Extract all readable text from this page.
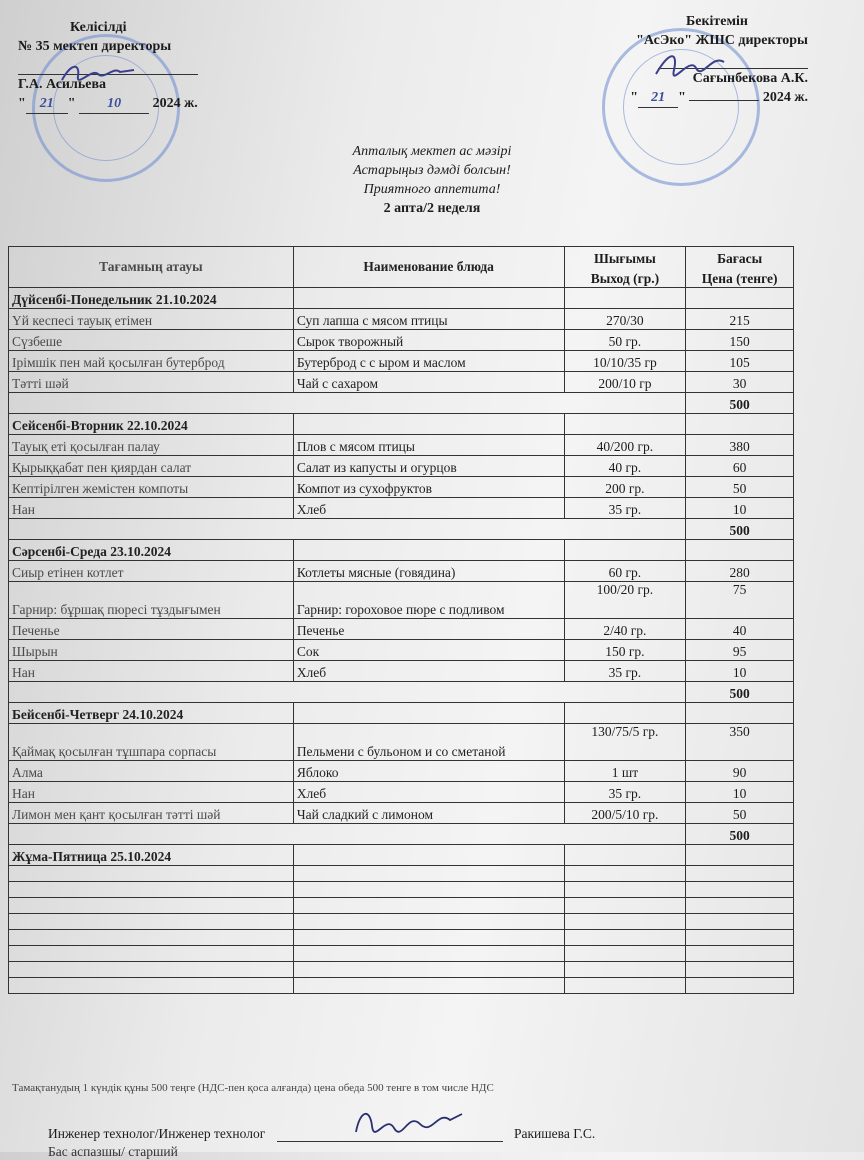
Келісілді
№ 35 мектеп директоры
Г.А. Асильева
" 21 " 10 2024 ж.
Бекітемін
"АсЭко" ЖШС директоры
Сағынбекова А.К.
" 21 "	2024 ж.
Апталық мектеп ас мәзірі
Астарыңыз дәмді болсын!
Приятного аппетита!
2 апта/2 неделя
Тағамның атауы	Наименование блюда	Шығымы	Бағасы
		Выход (гр.)	Цена (тенге)
Дүйсенбі-Понедельник 21.10.2024			
Үй кеспесі тауық етімен	Суп лапша с мясом птицы	270/30	215
Сүзбеше	Сырок творожный	50 гр.	150
Ірімшік пен май қосылған бутерброд	Бутерброд с с ыром и маслом	10/10/35 гр	105
Тәтті шәй	Чай с сахаром	200/10 гр	30
			500
Сейсенбі-Вторник 22.10.2024			
Тауық еті қосылған палау	Плов с мясом птицы	40/200 гр.	380
Қырыққабат пен қиярдан салат	Салат из капусты и огурцов	40 гр.	60
Кептірілген жемістен компоты	Компот из сухофруктов	200 гр.	50
Нан	Хлеб	35 гр.	10
			500
Сәрсенбі-Среда 23.10.2024			
Сиыр етінен котлет	Котлеты мясные (говядина)	60 гр.	280
Гарнир: бұршақ пюресі тұздығымен	Гарнир: гороховое пюре с подливом	100/20 гр.	75
Печенье	Печенье	2/40 гр.	40
Шырын	Сок	150 гр.	95
Нан	Хлеб	35 гр.	10
			500
Бейсенбі-Четверг 24.10.2024			
Қаймақ қосылған тұшпара сорпасы	Пельмени с бульоном и со сметаной	130/75/5 гр.	350
Алма	Яблоко	1 шт	90
Нан	Хлеб	35 гр.	10
Лимон мен қант қосылған тәтті шәй	Чай сладкий с лимоном	200/5/10 гр.	50
			500
Жұма-Пятница 25.10.2024			

Тамақтанудың 1 күндік құны 500 теңге (НДС-пен қоса алғанда) цена обеда 500 тенге в том числе НДС
Инженер технолог/Инженер технолог	Ракишева Г.С.
Бас аспазшы/ старший
